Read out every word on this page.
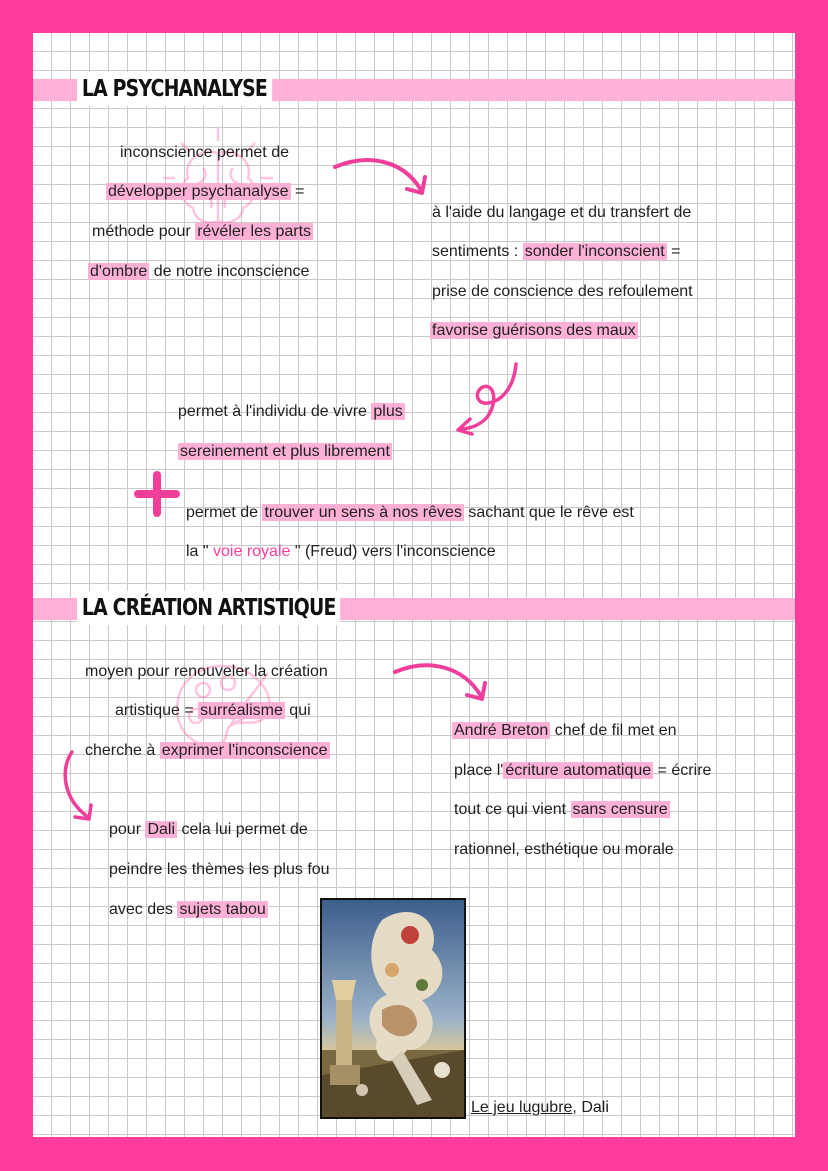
LA PSYCHANALYSE

inconscience permet de

développer psychanalyse =

méthode pour révéler les parts

d'ombre de notre inconscience

à l'aide du langage et du transfert de

sentiments : sonder l'inconscient =

prise de conscience des refoulement

favorise guérisons des maux

permet à l'individu de vivre plus

sereinement et plus librement

permet de trouver un sens à nos rêves sachant que le rêve est

la " voie royale " (Freud) vers l'inconscience

LA CRÉATION ARTISTIQUE

moyen pour renouveler la création

artistique = surréalisme qui

cherche à exprimer l'inconscience

André Breton chef de fil met en

place l' écriture automatique = écrire

tout ce qui vient sans censure

rationnel, esthétique ou morale

pour Dali cela lui permet de

peindre les thèmes les plus fou

avec des sujets tabou

Le jeu lugubre, Dali
